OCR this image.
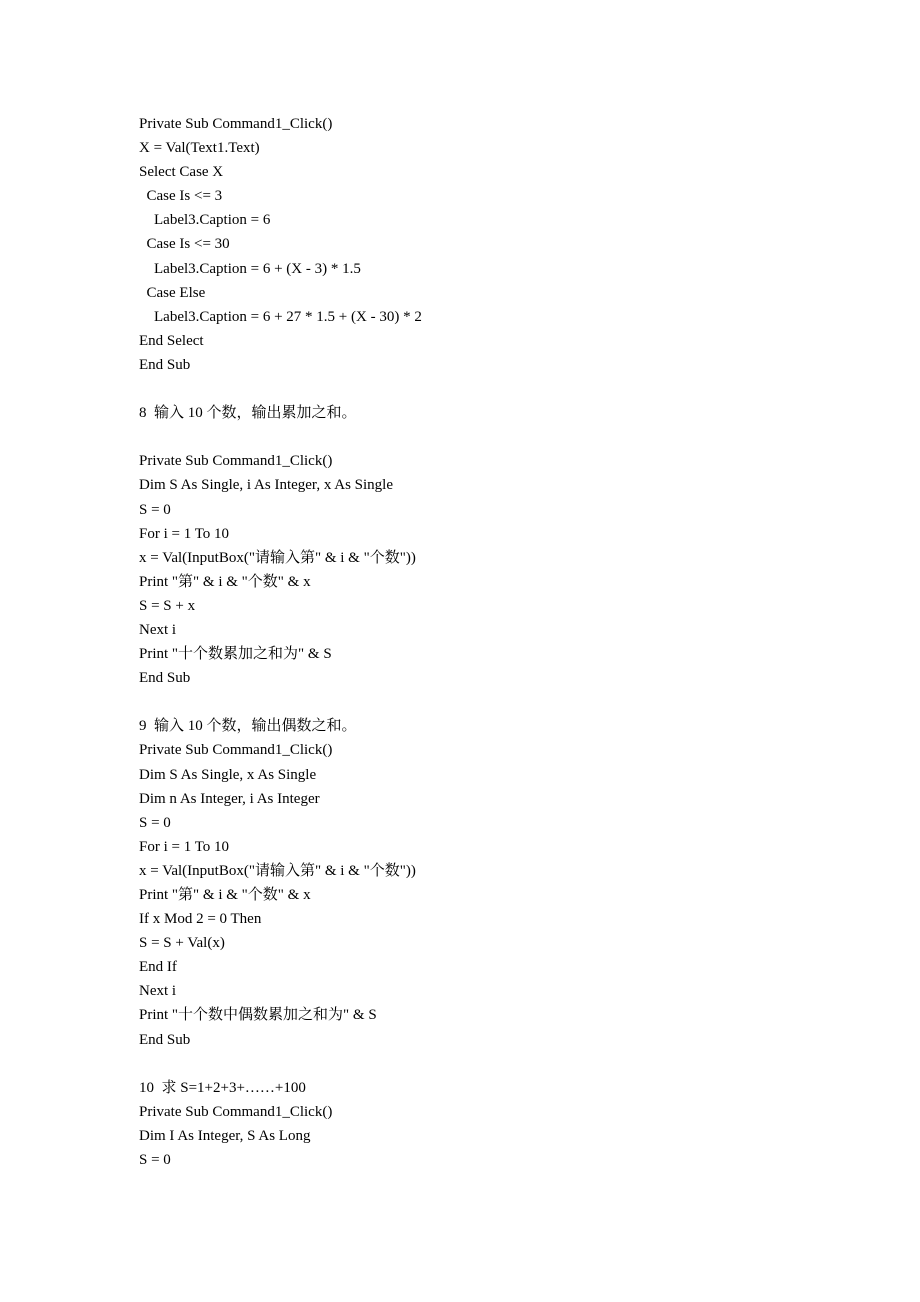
Private Sub Command1_Click()
X = Val(Text1.Text)
Select Case X
Case Is <= 3
Label3.Caption = 6
Case Is <= 30
Label3.Caption = 6 + (X - 3) * 1.5
Case Else
Label3.Caption = 6 + 27 * 1.5 + (X - 30) * 2
End Select
End Sub
8  输入 10 个数，输出累加之和。
Private Sub Command1_Click()
Dim S As Single, i As Integer, x As Single
S = 0
For i = 1 To 10
x = Val(InputBox("请输入第" & i & "个数"))
Print "第" & i & "个数" & x
S = S + x
Next i
Print "十个数累加之和为" & S
End Sub
9  输入 10 个数，输出偶数之和。
Private Sub Command1_Click()
Dim S As Single, x As Single
Dim n As Integer, i As Integer
S = 0
For i = 1 To 10
x = Val(InputBox("请输入第" & i & "个数"))
Print "第" & i & "个数" & x
If x Mod 2 = 0 Then
S = S + Val(x)
End If
Next i
Print "十个数中偶数累加之和为" & S
End Sub
10  求 S=1+2+3+……+100
Private Sub Command1_Click()
Dim I As Integer, S As Long
S = 0
